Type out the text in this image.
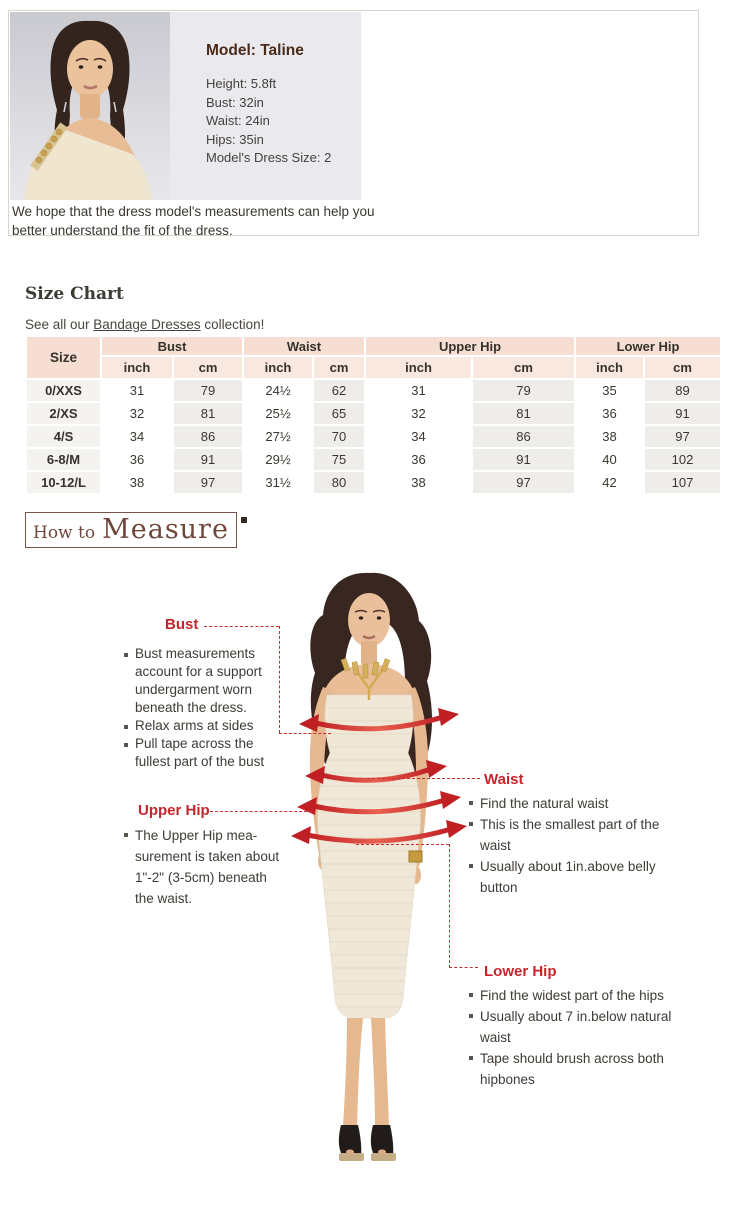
Model: Taline
Height: 5.8ft
Bust: 32in
Waist: 24in
Hips: 35in
Model's Dress Size: 2
We hope that the dress model's measurements can help you better understand the fit of the dress.
Size Chart
See all our Bandage Dresses collection!
Size	Bust		Waist		Upper Hip		Lower Hip	
	inch	cm	inch	cm	inch	cm	inch	cm
0/XXS	31	79	24½	62	31	79	35	89
2/XS	32	81	25½	65	32	81	36	91
4/S	34	86	27½	70	34	86	38	97
6-8/M	36	91	29½	75	36	91	40	102
10-12/L	38	97	31½	80	38	97	42	107
How to Measure
Bust
Bust measurements account for a support undergarment worn beneath the dress.
Relax arms at sides
Pull tape across the fullest part of the bust
Upper Hip
The Upper Hip mea-surement is taken about 1"-2" (3-5cm) beneath the waist.
Waist
Find the natural waist
This is the smallest part of the waist
Usually about 1in.above belly button
Lower Hip
Find the widest part of the hips
Usually about 7 in.below natural waist
Tape should brush across both hipbones
